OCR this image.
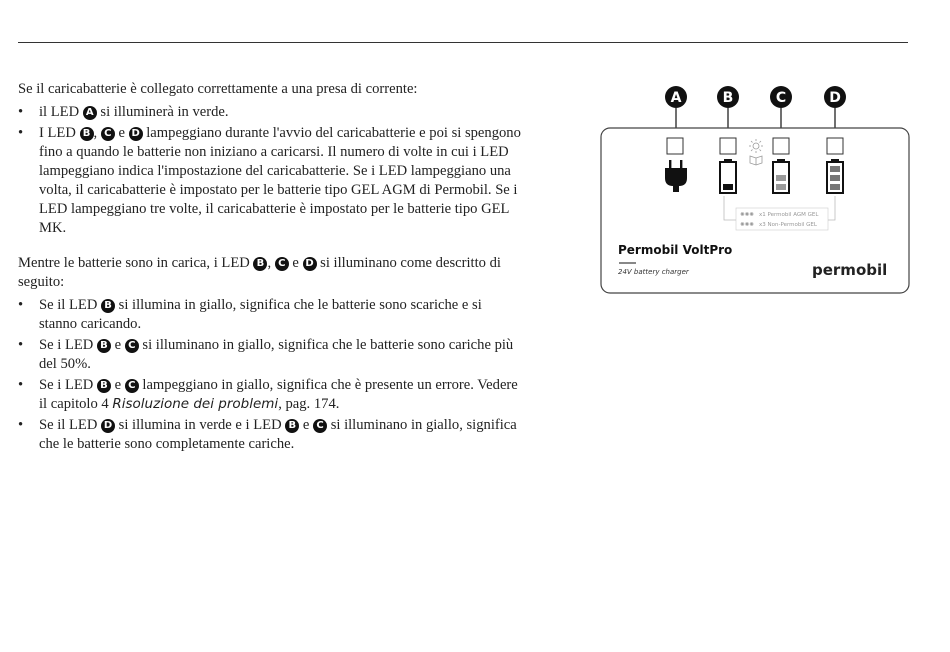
Se il caricabatterie è collegato correttamente a una presa di corrente:

• il LED A si illuminerà in verde.
• I LED B , C e D lampeggiano durante l'avvio del caricabatterie e poi si spengono fino a quando le batterie non iniziano a caricarsi. Il numero di volte in cui i LED lampeggiano indica l'impostazione del caricabatterie. Se i LED lampeggiano una volta, il caricabatterie è impostato per le batterie tipo GEL AGM di Permobil. Se i LED lampeggiano tre volte, il caricabatterie è impostato per le batterie tipo GEL MK.

Mentre le batterie sono in carica, i LED B , C e D si illuminano come descritto di seguito:

• Se il LED B si illumina in giallo, significa che le batterie sono scariche e si stanno caricando.
• Se i LED B e C si illuminano in giallo, significa che le batterie sono cariche più del 50%.
• Se i LED B e C lampeggiano in giallo, significa che è presente un errore. Vedere il capitolo 4 Risoluzione dei problemi, pag. 174.
• Se il LED D si illumina in verde e i LED B e C si illuminano in giallo, significa che le batterie sono completamente cariche.
A	B	C	D
✺✺✺ x1 Permobil AGM GEL
✺✺✺ x3 Non-Permobil GEL
Permobil VoltPro
24V battery charger	permobil
